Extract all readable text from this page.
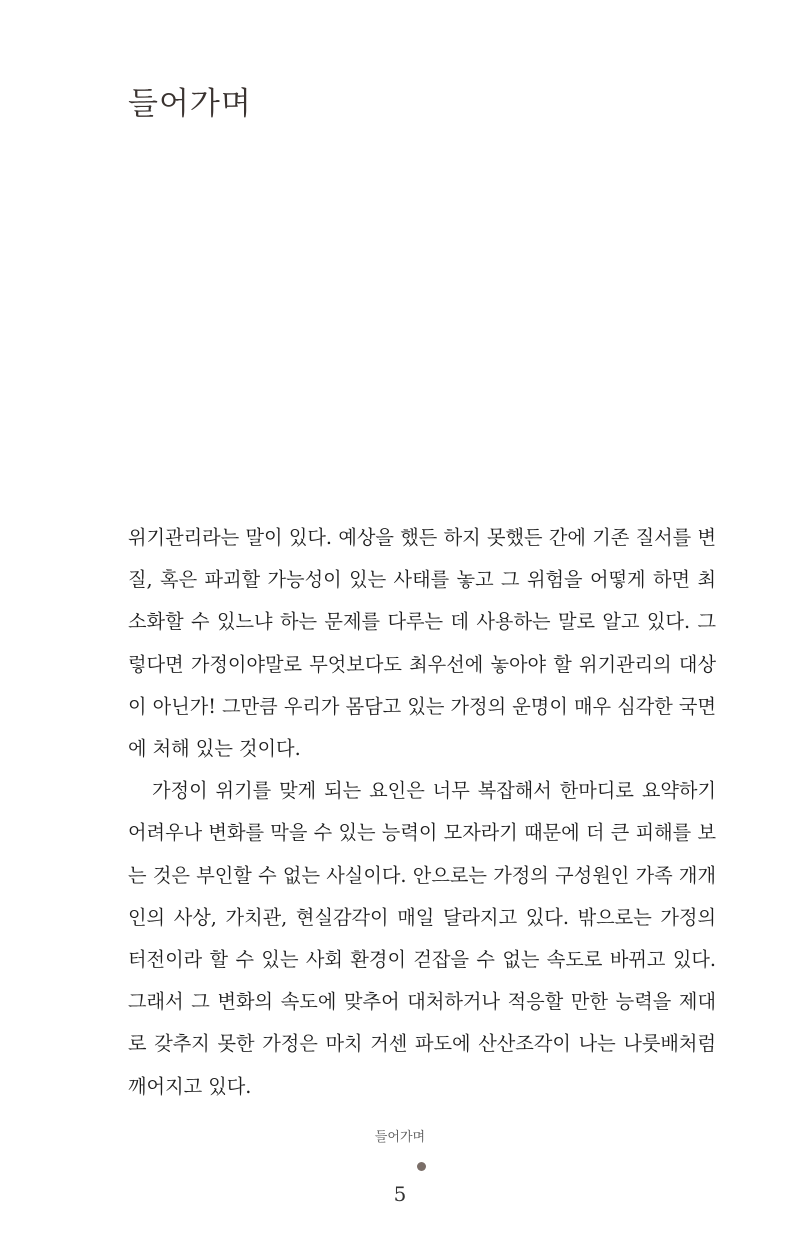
들어가며

위기관리라는 말이 있다. 예상을 했든 하지 못했든 간에 기존 질서를 변질, 혹은 파괴할 가능성이 있는 사태를 놓고 그 위험을 어떻게 하면 최소화할 수 있느냐 하는 문제를 다루는 데 사용하는 말로 알고 있다. 그렇다면 가정이야말로 무엇보다도 최우선에 놓아야 할 위기관리의 대상이 아닌가! 그만큼 우리가 몸담고 있는 가정의 운명이 매우 심각한 국면에 처해 있는 것이다.

가정이 위기를 맞게 되는 요인은 너무 복잡해서 한마디로 요약하기 어려우나 변화를 막을 수 있는 능력이 모자라기 때문에 더 큰 피해를 보는 것은 부인할 수 없는 사실이다. 안으로는 가정의 구성원인 가족 개개인의 사상, 가치관, 현실감각이 매일 달라지고 있다. 밖으로는 가정의 터전이라 할 수 있는 사회 환경이 걷잡을 수 없는 속도로 바뀌고 있다. 그래서 그 변화의 속도에 맞추어 대처하거나 적응할 만한 능력을 제대로 갖추지 못한 가정은 마치 거센 파도에 산산조각이 나는 나룻배처럼 깨어지고 있다.

들어가며
5
